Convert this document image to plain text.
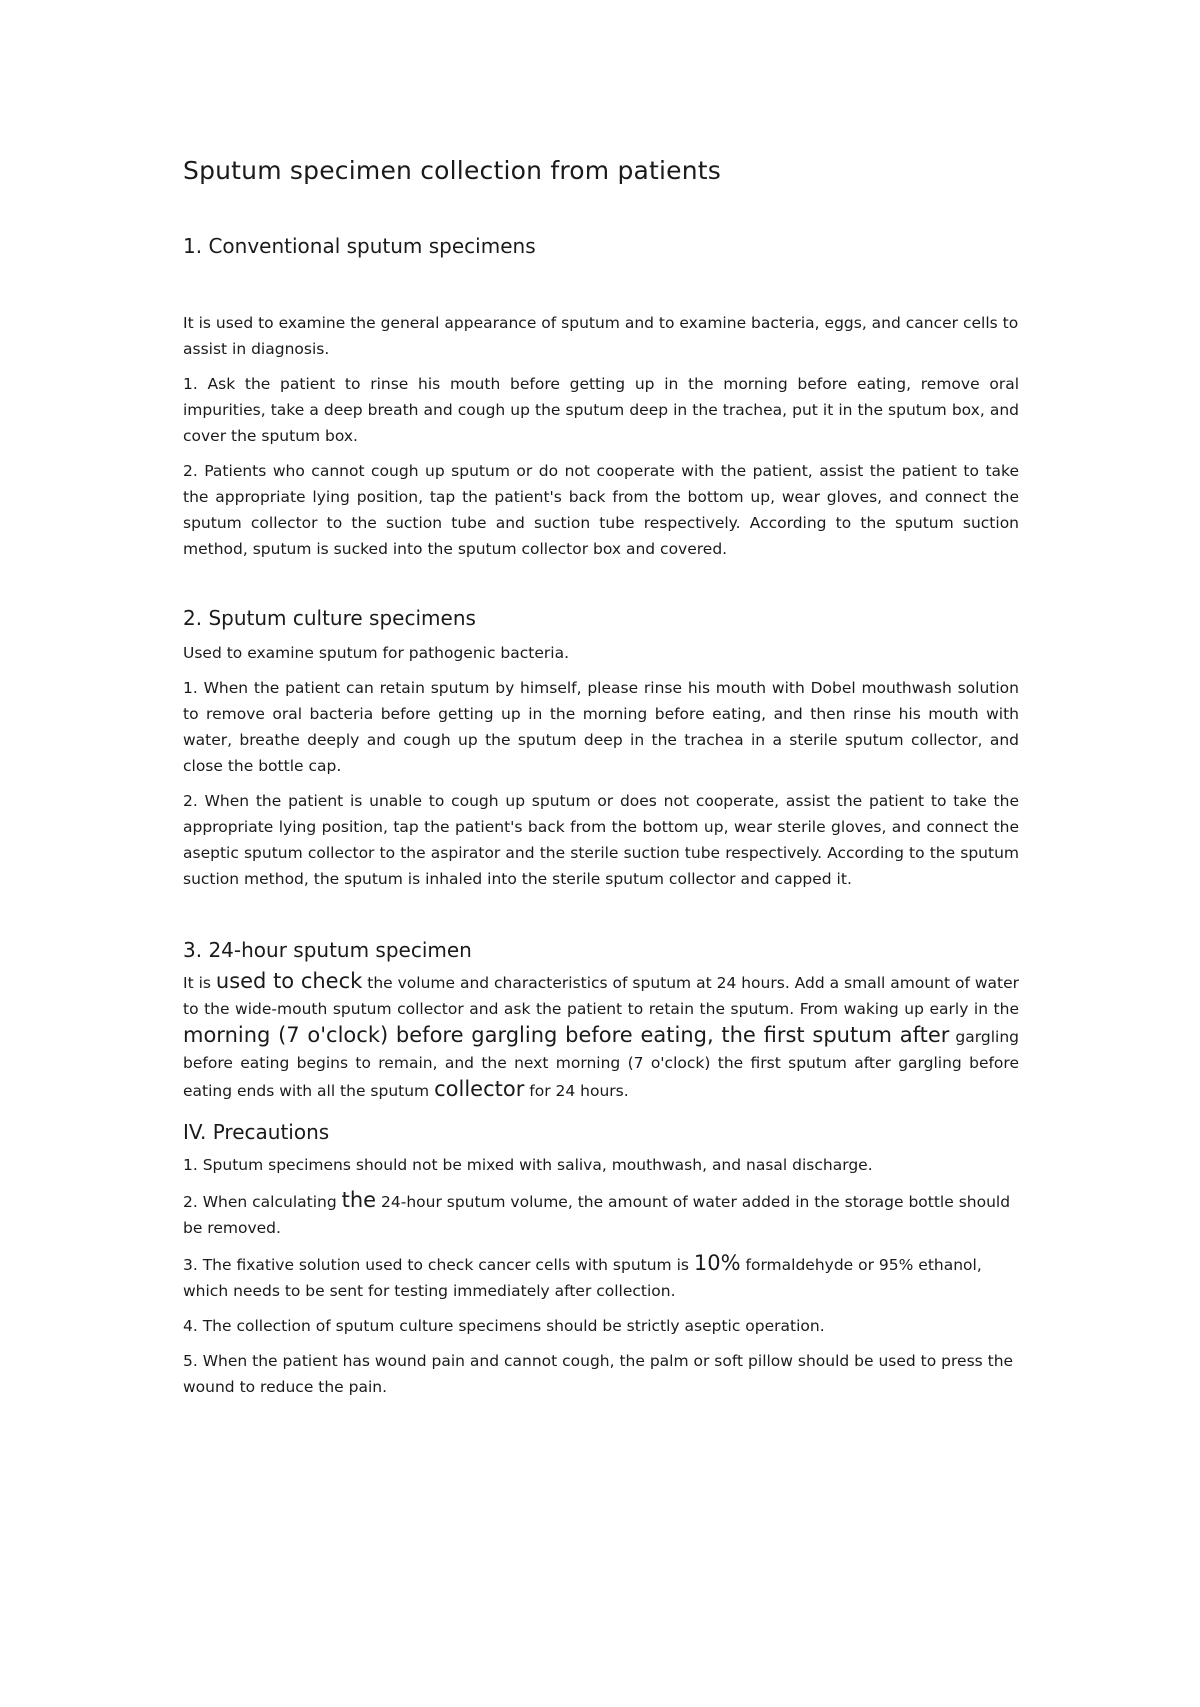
Sputum specimen collection from patients
1. Conventional sputum specimens

It is used to examine the general appearance of sputum and to examine bacteria, eggs, and cancer cells to assist in diagnosis.

1. Ask the patient to rinse his mouth before getting up in the morning before eating, remove oral impurities, take a deep breath and cough up the sputum deep in the trachea, put it in the sputum box, and cover the sputum box.

2. Patients who cannot cough up sputum or do not cooperate with the patient, assist the patient to take the appropriate lying position, tap the patient's back from the bottom up, wear gloves, and connect the sputum collector to the suction tube and suction tube respectively. According to the sputum suction method, sputum is sucked into the sputum collector box and covered.

2. Sputum culture specimens

Used to examine sputum for pathogenic bacteria.

1. When the patient can retain sputum by himself, please rinse his mouth with Dobel mouthwash solution to remove oral bacteria before getting up in the morning before eating, and then rinse his mouth with water, breathe deeply and cough up the sputum deep in the trachea in a sterile sputum collector, and close the bottle cap.

2. When the patient is unable to cough up sputum or does not cooperate, assist the patient to take the appropriate lying position, tap the patient's back from the bottom up, wear sterile gloves, and connect the aseptic sputum collector to the aspirator and the sterile suction tube respectively. According to the sputum suction method, the sputum is inhaled into the sterile sputum collector and capped it.

3. 24-hour sputum specimen

It is used to check the volume and characteristics of sputum at 24 hours. Add a small amount of water to the wide-mouth sputum collector and ask the patient to retain the sputum. From waking up early in the morning (7 o'clock) before gargling before eating, the first sputum after gargling before eating begins to remain, and the next morning (7 o'clock) the first sputum after gargling before eating ends with all the sputum collector for 24 hours.

IV. Precautions

1. Sputum specimens should not be mixed with saliva, mouthwash, and nasal discharge.

2. When calculating the 24-hour sputum volume, the amount of water added in the storage bottle should be removed.

3. The fixative solution used to check cancer cells with sputum is 10% formaldehyde or 95% ethanol, which needs to be sent for testing immediately after collection.

4. The collection of sputum culture specimens should be strictly aseptic operation.

5. When the patient has wound pain and cannot cough, the palm or soft pillow should be used to press the wound to reduce the pain.
